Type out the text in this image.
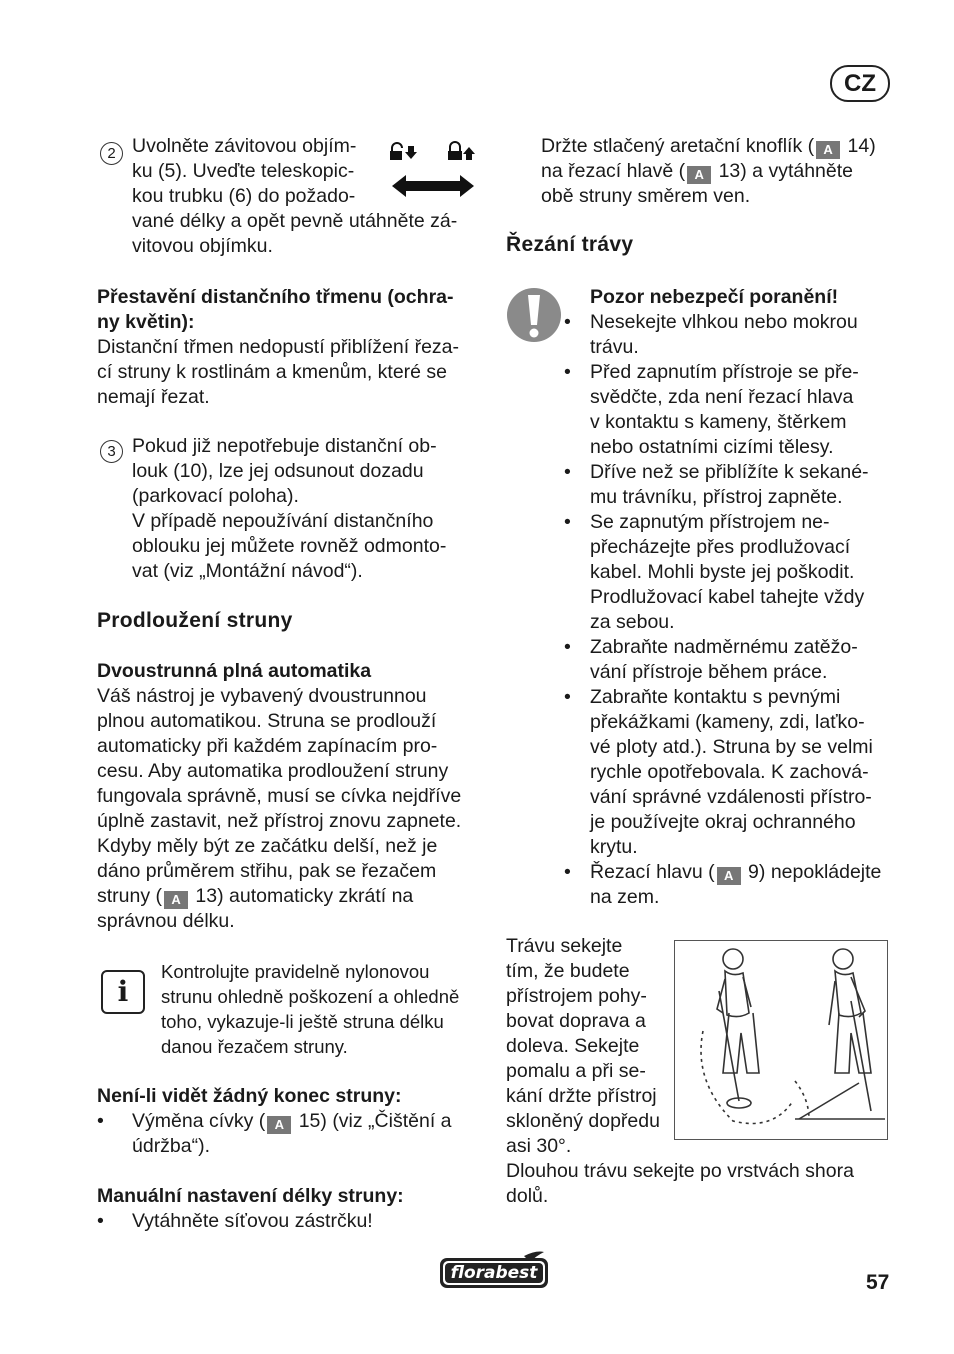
CZ
2 Uvolněte závitovou objím-

ku (5). Uveďte teleskopic-

kou trubku (6) do požado-

vané délky a opět pevně utáhněte zá-

vitovou objímku.

Přestavění distančního třmenu (ochra-

ny květin):

Distanční třmen nedopustí přiblížení řeza-

cí struny k rostlinám a kmenům, které se

nemají řezat.

3 Pokud již nepotřebuje distanční ob-

louk (10), lze jej odsunout dozadu

(parkovací poloha).

V případě nepoužívání distančního

oblouku jej můžete rovněž odmonto-

vat (viz „Montážní návod“).

Prodloužení struny
Dvoustrunná plná automatika

Váš nástroj je vybavený dvoustrunnou

plnou automatikou. Struna se prodlouží

automaticky při každém zapínacím pro-

cesu. Aby automatika prodloužení struny

fungovala správně, musí se cívka nejdříve

úplně zastavit, než přístroj znovu zapnete.

Kdyby měly být ze začátku delší, než je

dáno průměrem střihu, pak se řezačem

struny ( A 13) automaticky zkrátí na

správnou délku.

i

Kontrolujte pravidelně nylonovou

strunu ohledně poškození a ohledně

toho, vykazuje-li ještě struna délku

danou řezačem struny.

Není-li vidět žádný konec struny:
• Výměna cívky ( A 15) (viz „Čištění a
údržba“).
Manuální nastavení délky struny:
• Vytáhněte síťovou zástrčku!

Držte stlačený aretační knoflík ( A 14)

na řezací hlavě ( A 13) a vytáhněte

obě struny směrem ven.

Řezání trávy
Pozor nebezpečí poranění!

• Nesekejte vlhkou nebo mokrou

trávu.

• Před zapnutím přístroje se pře-

svědčte, zda není řezací hlava

v kontaktu s kameny, štěrkem

nebo ostatními cizími tělesy.

• Dříve než se přiblížíte k sekané-

mu trávníku, přístroj zapněte.

• Se zapnutým přístrojem ne-

přecházejte přes prodlužovací

kabel. Mohli byste jej poškodit.

Prodlužovací kabel tahejte vždy

za sebou.

• Zabraňte nadměrnému zatěžo-

vání přístroje během práce.

• Zabraňte kontaktu s pevnými

překážkami (kameny, zdi, laťko-

vé ploty atd.). Struna by se velmi

rychle opotřebovala. K zachová-

vání správné vzdálenosti přístro-

je používejte okraj ochranného

krytu.

• Řezací hlavu ( A 9) nepokládejte

na zem.

Trávu sekejte

tím, že budete

přístrojem pohy-

bovat doprava a

doleva. Sekejte

pomalu a při se-

kání držte přístroj

skloněný dopředu

asi 30°.

Dlouhou trávu sekejte po vrstvách shora

dolů.

florabest	57
